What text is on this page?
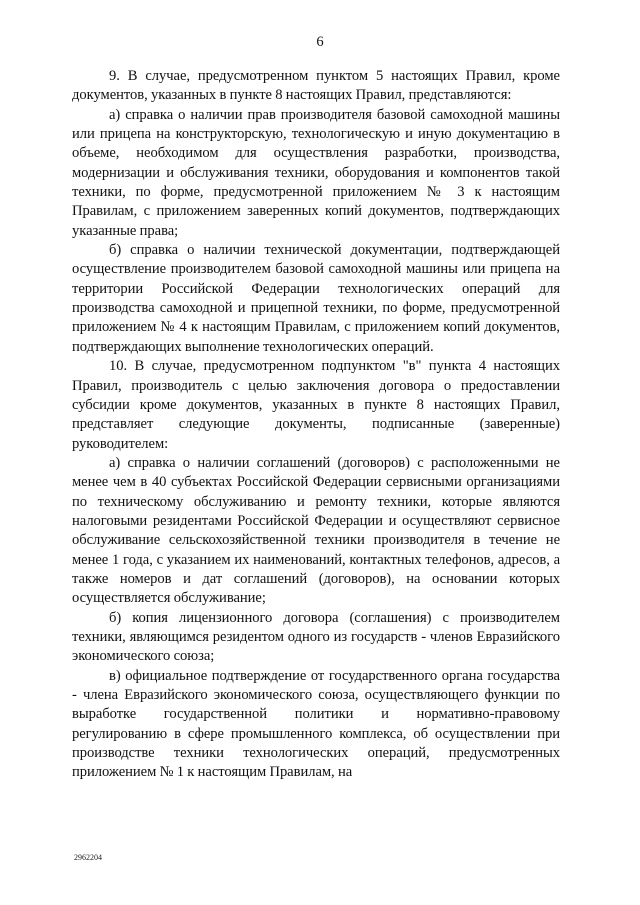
6

9. В случае, предусмотренном пунктом 5 настоящих Правил, кроме документов, указанных в пункте 8 настоящих Правил, представляются:

а) справка о наличии прав производителя базовой самоходной машины или прицепа на конструкторскую, технологическую и иную документацию в объеме, необходимом для осуществления разработки, производства, модернизации и обслуживания техники, оборудования и компонентов такой техники, по форме, предусмотренной приложением № 3 к настоящим Правилам, с приложением заверенных копий документов, подтверждающих указанные права;

б) справка о наличии технической документации, подтверждающей осуществление производителем базовой самоходной машины или прицепа на территории Российской Федерации технологических операций для производства самоходной и прицепной техники, по форме, предусмотренной приложением № 4 к настоящим Правилам, с приложением копий документов, подтверждающих выполнение технологических операций.

10. В случае, предусмотренном подпунктом "в" пункта 4 настоящих Правил, производитель с целью заключения договора о предоставлении субсидии кроме документов, указанных в пункте 8 настоящих Правил, представляет следующие документы, подписанные (заверенные) руководителем:

а) справка о наличии соглашений (договоров) с расположенными не менее чем в 40 субъектах Российской Федерации сервисными организациями по техническому обслуживанию и ремонту техники, которые являются налоговыми резидентами Российской Федерации и осуществляют сервисное обслуживание сельскохозяйственной техники производителя в течение не менее 1 года, с указанием их наименований, контактных телефонов, адресов, а также номеров и дат соглашений (договоров), на основании которых осуществляется обслуживание;

б) копия лицензионного договора (соглашения) с производителем техники, являющимся резидентом одного из государств - членов Евразийского экономического союза;

в) официальное подтверждение от государственного органа государства - члена Евразийского экономического союза, осуществляющего функции по выработке государственной политики и нормативно-правовому регулированию в сфере промышленного комплекса, об осуществлении при производстве техники технологических операций, предусмотренных приложением № 1 к настоящим Правилам, на

2962204
